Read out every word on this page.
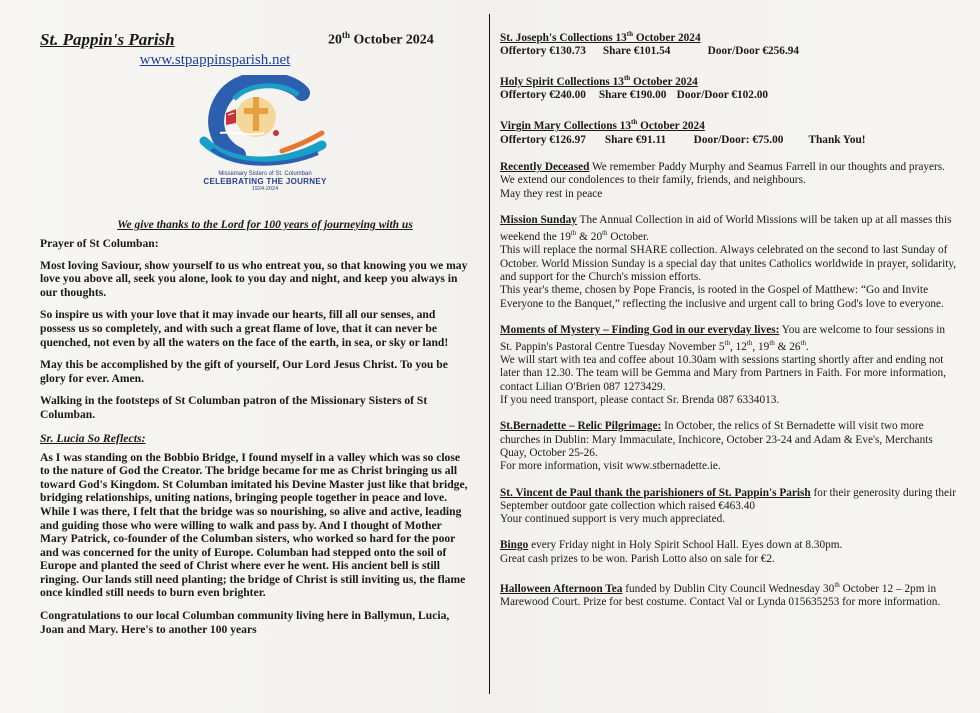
St. Pappin's Parish	20th October 2024
www.stpappinsparish.net
Missionary Sisters of St. Columban
CELEBRATING THE JOURNEY
1924-2024
We give thanks to the Lord for 100 years of journeying with us

Prayer of St Columban:

Most loving Saviour, show yourself to us who entreat you, so that knowing you we may love you above all, seek you alone, look to you day and night, and keep you always in our thoughts.

So inspire us with your love that it may invade our hearts, fill all our senses, and possess us so completely, and with such a great flame of love, that it can never be quenched, not even by all the waters on the face of the earth, in sea, or sky or land!

May this be accomplished by the gift of yourself, Our Lord Jesus Christ. To you be glory for ever. Amen.

Walking in the footsteps of St Columban patron of the Missionary Sisters of St Columban.

Sr. Lucia So Reflects:

As I was standing on the Bobbio Bridge, I found myself in a valley which was so close to the nature of God the Creator. The bridge became for me as Christ bringing us all toward God's Kingdom. St Columban imitated his Devine Master just like that bridge, bridging relationships, uniting nations, bringing people together in peace and love. While I was there, I felt that the bridge was so nourishing, so alive and active, leading and guiding those who were willing to walk and pass by. And I thought of Mother Mary Patrick, co-founder of the Columban sisters, who worked so hard for the poor and was concerned for the unity of Europe. Columban had stepped onto the soil of Europe and planted the seed of Christ where ever he went. His ancient bell is still ringing. Our lands still need planting; the bridge of Christ is still inviting us, the flame once kindled still needs to burn even brighter.

Congratulations to our local Columban community living here in Ballymun, Lucia, Joan and Mary. Here's to another 100 years

St. Joseph's Collections 13th October 2024
Offertory €130.73 Share €101.54	Door/Door €256.94
Holy Spirit Collections 13th October 2024
Offertory €240.00 Share €190.00 Door/Door €102.00
Virgin Mary Collections 13th October 2024
Offertory €126.97 Share €91.11 Door/Door: €75.00 Thank You!
Recently Deceased We remember Paddy Murphy and Seamus Farrell in our thoughts and prayers. We extend our condolences to their family, friends, and neighbours.
May they rest in peace
Mission Sunday The Annual Collection in aid of World Missions will be taken up at all masses this weekend the 19th & 20th October.
This will replace the normal SHARE collection. Always celebrated on the second to last Sunday of October. World Mission Sunday is a special day that unites Catholics worldwide in prayer, solidarity, and support for the Church's mission efforts.
This year's theme, chosen by Pope Francis, is rooted in the Gospel of Matthew: “Go and Invite Everyone to the Banquet,” reflecting the inclusive and urgent call to bring God's love to everyone.
Moments of Mystery – Finding God in our everyday lives: You are welcome to four sessions in St. Pappin's Pastoral Centre Tuesday November 5th, 12th, 19th & 26th.
We will start with tea and coffee about 10.30am with sessions starting shortly after and ending not later than 12.30. The team will be Gemma and Mary from Partners in Faith. For more information, contact Lilian O'Brien 087 1273429.
If you need transport, please contact Sr. Brenda 087 6334013.
St.Bernadette – Relic Pilgrimage: In October, the relics of St Bernadette will visit two more churches in Dublin: Mary Immaculate, Inchicore, October 23-24 and Adam & Eve's, Merchants Quay, October 25-26.
For more information, visit www.stbernadette.ie.
St. Vincent de Paul thank the parishioners of St. Pappin's Parish for their generosity during their September outdoor gate collection which raised €463.40
Your continued support is very much appreciated.
Bingo every Friday night in Holy Spirit School Hall. Eyes down at 8.30pm.
Great cash prizes to be won. Parish Lotto also on sale for €2.
Halloween Afternoon Tea funded by Dublin City Council Wednesday 30th October 12 – 2pm in Marewood Court. Prize for best costume. Contact Val or Lynda 015635253 for more information.
